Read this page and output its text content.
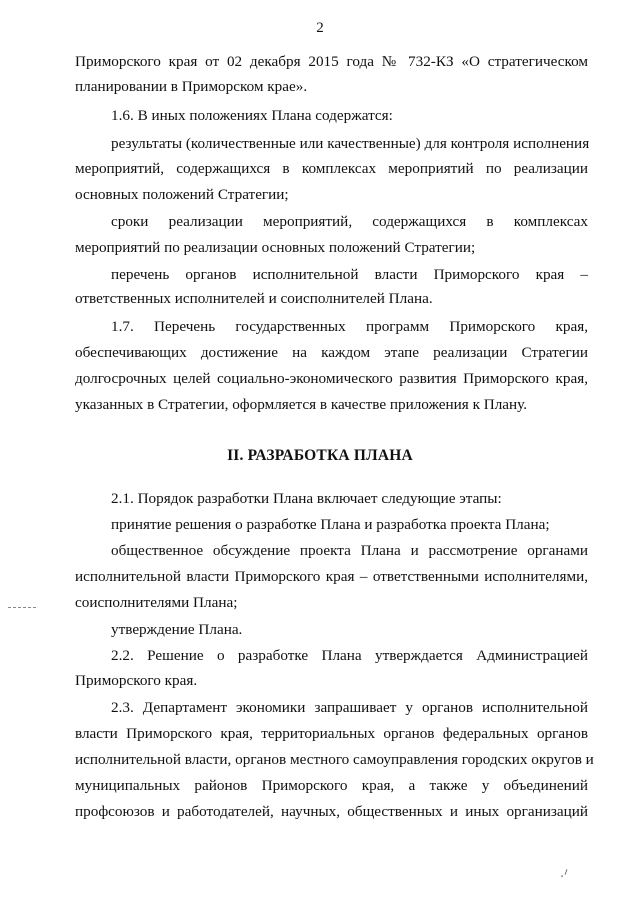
2
Приморского края от 02 декабря 2015 года № 732-КЗ «О стратегическом
планировании в Приморском крае».
1.6. В иных положениях Плана содержатся:
результаты (количественные или качественные) для контроля исполнения
мероприятий, содержащихся в комплексах мероприятий по реализации
основных положений Стратегии;
сроки реализации мероприятий, содержащихся в комплексах
мероприятий по реализации основных положений Стратегии;
перечень органов исполнительной власти Приморского края –
ответственных исполнителей и соисполнителей Плана.
1.7. Перечень государственных программ Приморского края,
обеспечивающих достижение на каждом этапе реализации Стратегии
долгосрочных целей социально-экономического развития Приморского края,
указанных в Стратегии, оформляется в качестве приложения к Плану.
II. РАЗРАБОТКА ПЛАНА
2.1. Порядок разработки Плана включает следующие этапы:
принятие решения о разработке Плана и разработка проекта Плана;
общественное обсуждение проекта Плана и рассмотрение органами
исполнительной власти Приморского края – ответственными исполнителями,
соисполнителями Плана;
утверждение Плана.
2.2. Решение о разработке Плана утверждается Администрацией
Приморского края.
2.3. Департамент экономики запрашивает у органов исполнительной
власти Приморского края, территориальных органов федеральных органов
исполнительной власти, органов местного самоуправления городских округов и
муниципальных районов Приморского края, а также у объединений
профсоюзов и работодателей, научных, общественных и иных организаций
·ᐟ
